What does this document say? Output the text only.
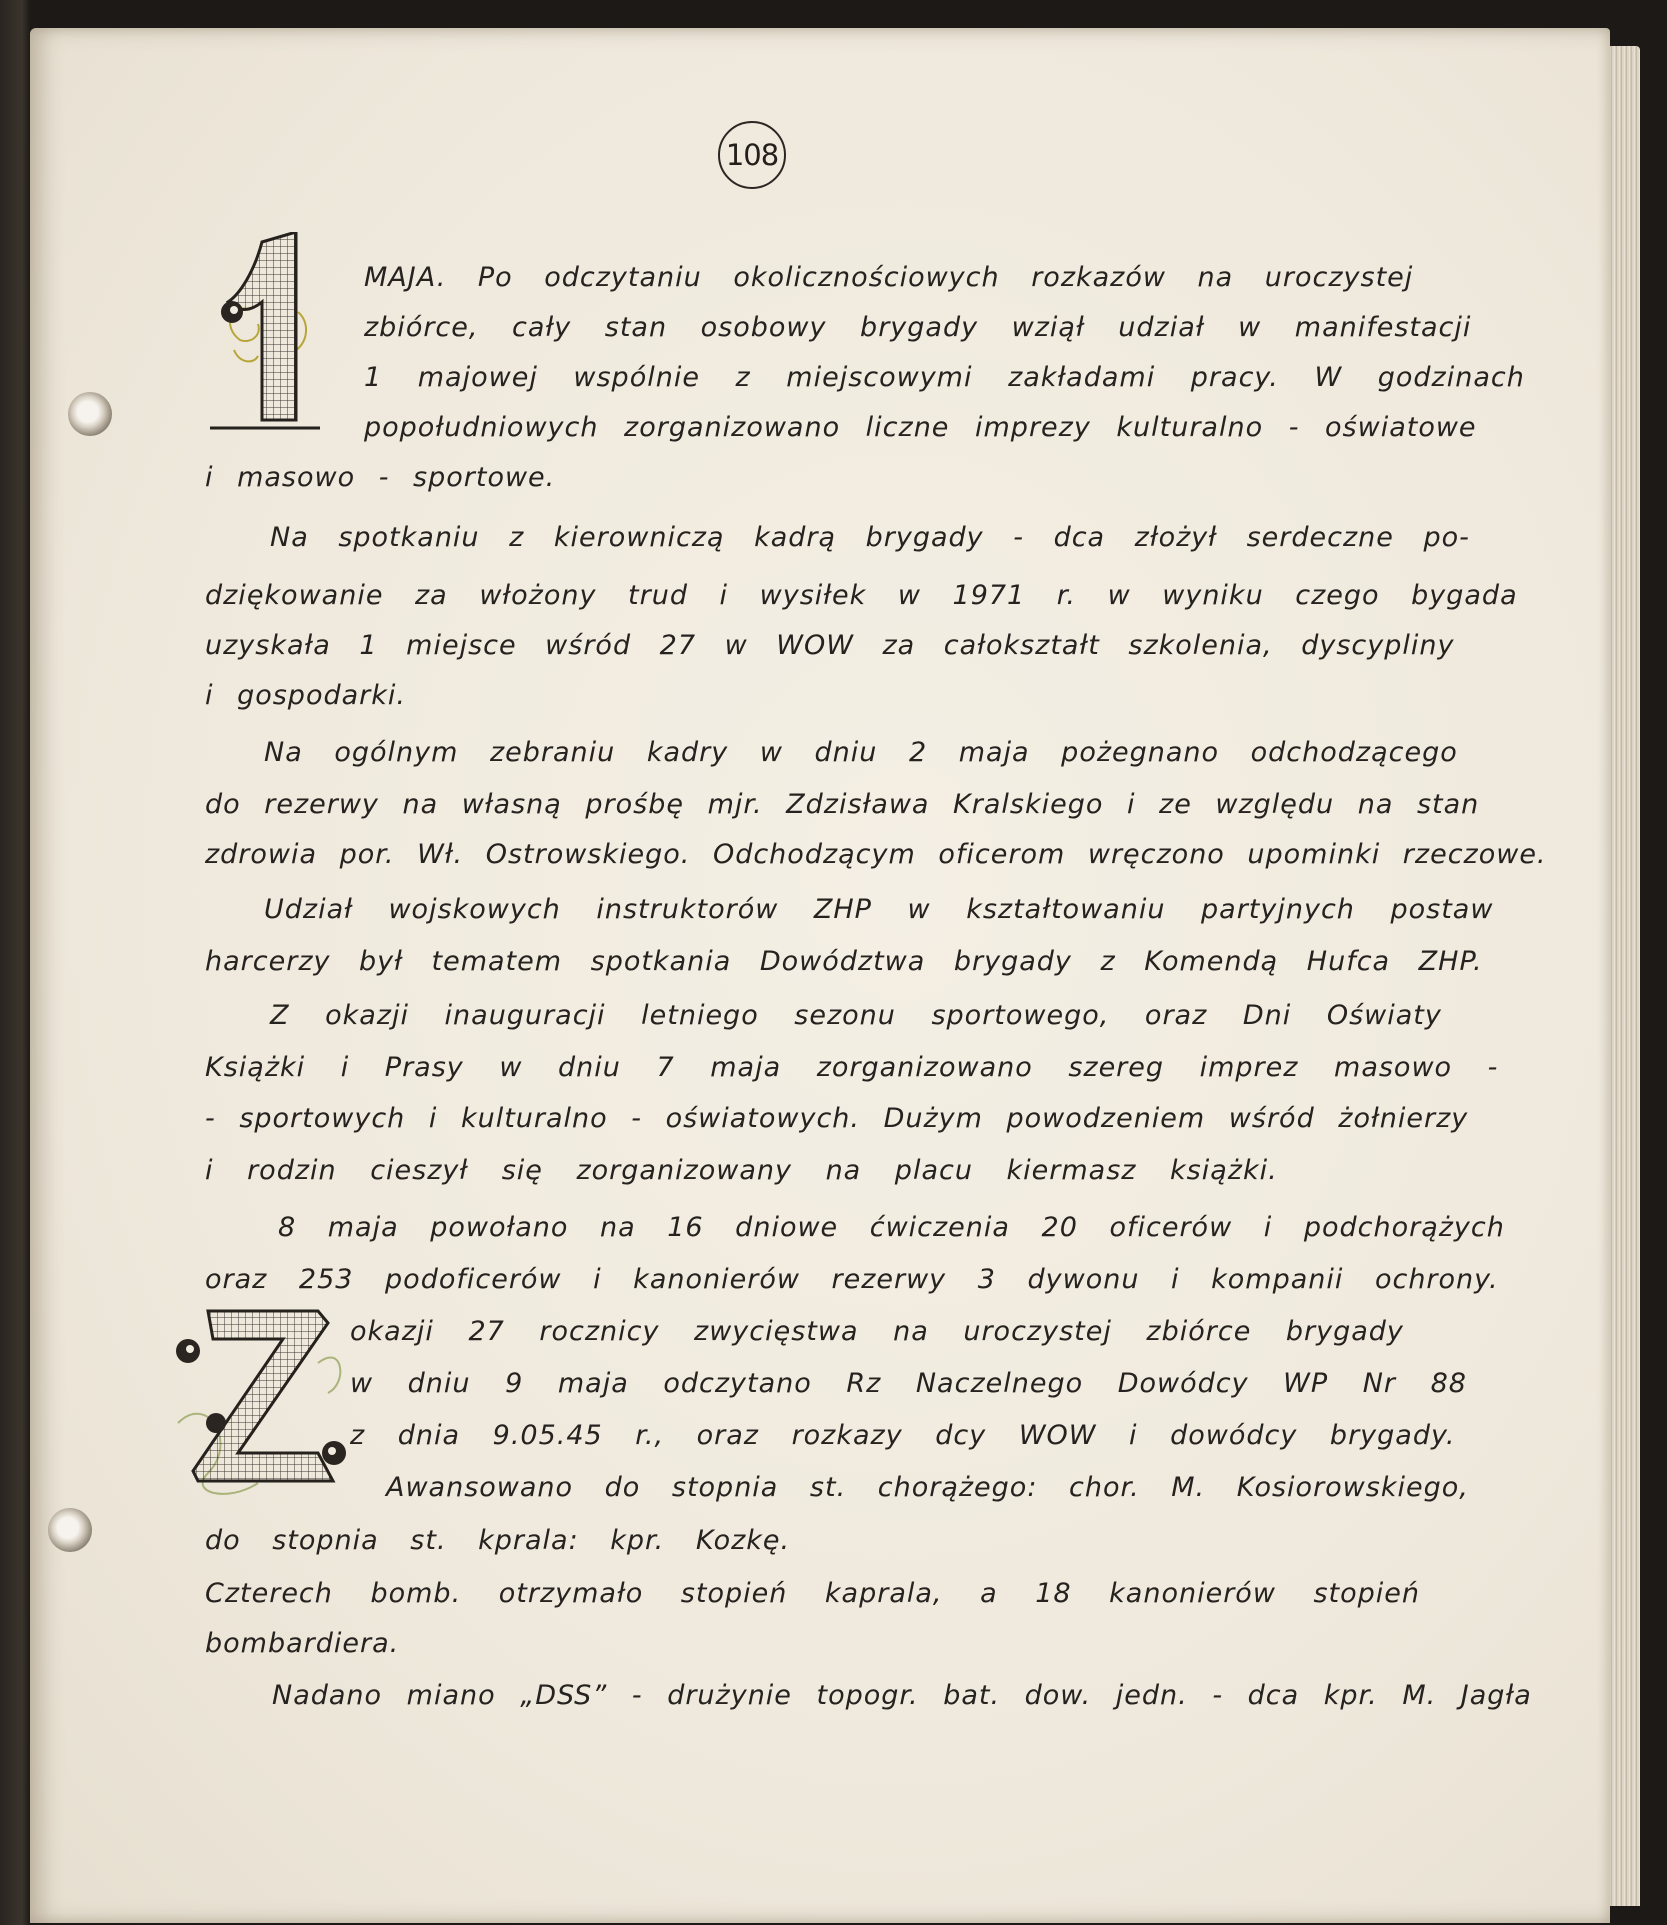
108
MAJA. Po odczytaniu okolicznościowych rozkazów na uroczystej
zbiórce, cały stan osobowy brygady wziął udział w manifestacji
1 majowej wspólnie z miejscowymi zakładami pracy. W godzinach
popołudniowych zorganizowano liczne imprezy kulturalno - oświatowe
i masowo - sportowe.
Na spotkaniu z kierowniczą kadrą brygady - dca złożył serdeczne po-
dziękowanie za włożony trud i wysiłek w 1971 r. w wyniku czego bygada
uzyskała 1 miejsce wśród 27 w WOW za całokształt szkolenia, dyscypliny
i gospodarki.
Na ogólnym zebraniu kadry w dniu 2 maja pożegnano odchodzącego
do rezerwy na własną prośbę mjr. Zdzisława Kralskiego i ze względu na stan
zdrowia por. Wł. Ostrowskiego. Odchodzącym oficerom wręczono upominki rzeczowe.
Udział wojskowych instruktorów ZHP w kształtowaniu partyjnych postaw
harcerzy był tematem spotkania Dowództwa brygady z Komendą Hufca ZHP.
Z okazji inauguracji letniego sezonu sportowego, oraz Dni Oświaty
Książki i Prasy w dniu 7 maja zorganizowano szereg imprez masowo -
- sportowych i kulturalno - oświatowych. Dużym powodzeniem wśród żołnierzy
i rodzin cieszył się zorganizowany na placu kiermasz książki.
8 maja powołano na 16 dniowe ćwiczenia 20 oficerów i podchorążych
oraz 253 podoficerów i kanonierów rezerwy 3 dywonu i kompanii ochrony.
okazji 27 rocznicy zwycięstwa na uroczystej zbiórce brygady
w dniu 9 maja odczytano Rz Naczelnego Dowódcy WP Nr 88
z dnia 9.05.45 r., oraz rozkazy dcy WOW i dowódcy brygady.
Awansowano do stopnia st. chorążego: chor. M. Kosiorowskiego,
do stopnia st. kprala: kpr. Kozkę.
Czterech bomb. otrzymało stopień kaprala, a 18 kanonierów stopień
bombardiera.
Nadano miano „DSS” - drużynie topogr. bat. dow. jedn. - dca kpr. M. Jagła
